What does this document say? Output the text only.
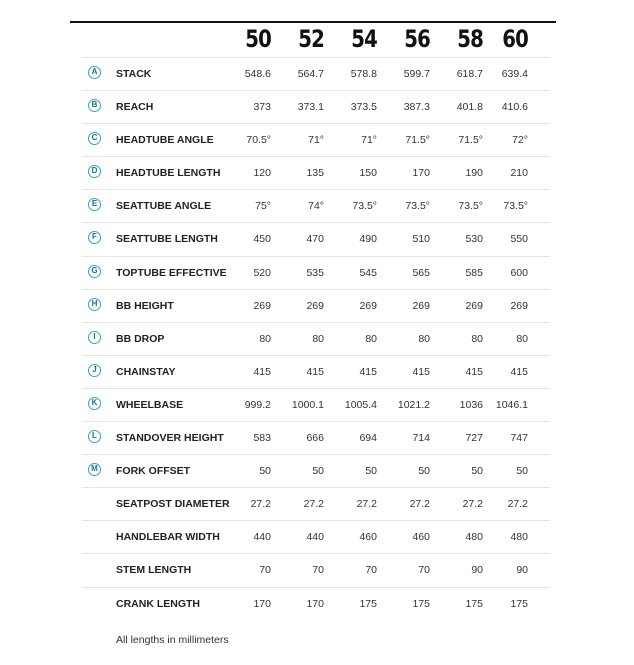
50	52	54	56	58 60
A	STACK	548.6	564.7	578.8	599.7	618.7	639.4
B	REACH	373	373.1	373.5	387.3	401.8	410.6
C	HEADTUBE ANGLE	70.5°	71°	71°	71.5°	71.5°	72°
D	HEADTUBE LENGTH	120	135	150	170	190	210
E	SEATTUBE ANGLE	75°	74°	73.5°	73.5°	73.5°	73.5°
F	SEATTUBE LENGTH	450	470	490	510	530	550
G	TOPTUBE EFFECTIVE	520	535	545	565	585	600
H	BB HEIGHT	269	269	269	269	269	269
I	BB DROP	80	80	80	80	80	80
J	CHAINSTAY	415	415	415	415	415	415
K	WHEELBASE	999.2	1000.1	1005.4	1021.2	1036	1046.1
L	STANDOVER HEIGHT	583	666	694	714	727	747
M	FORK OFFSET	50	50	50	50	50	50
SEATPOST DIAMETER	27.2	27.2	27.2	27.2	27.2	27.2
HANDLEBAR WIDTH	440	440	460	460	480	480
STEM LENGTH	70	70	70	70	90	90
CRANK LENGTH	170	170	175	175	175	175
All lengths in millimeters
